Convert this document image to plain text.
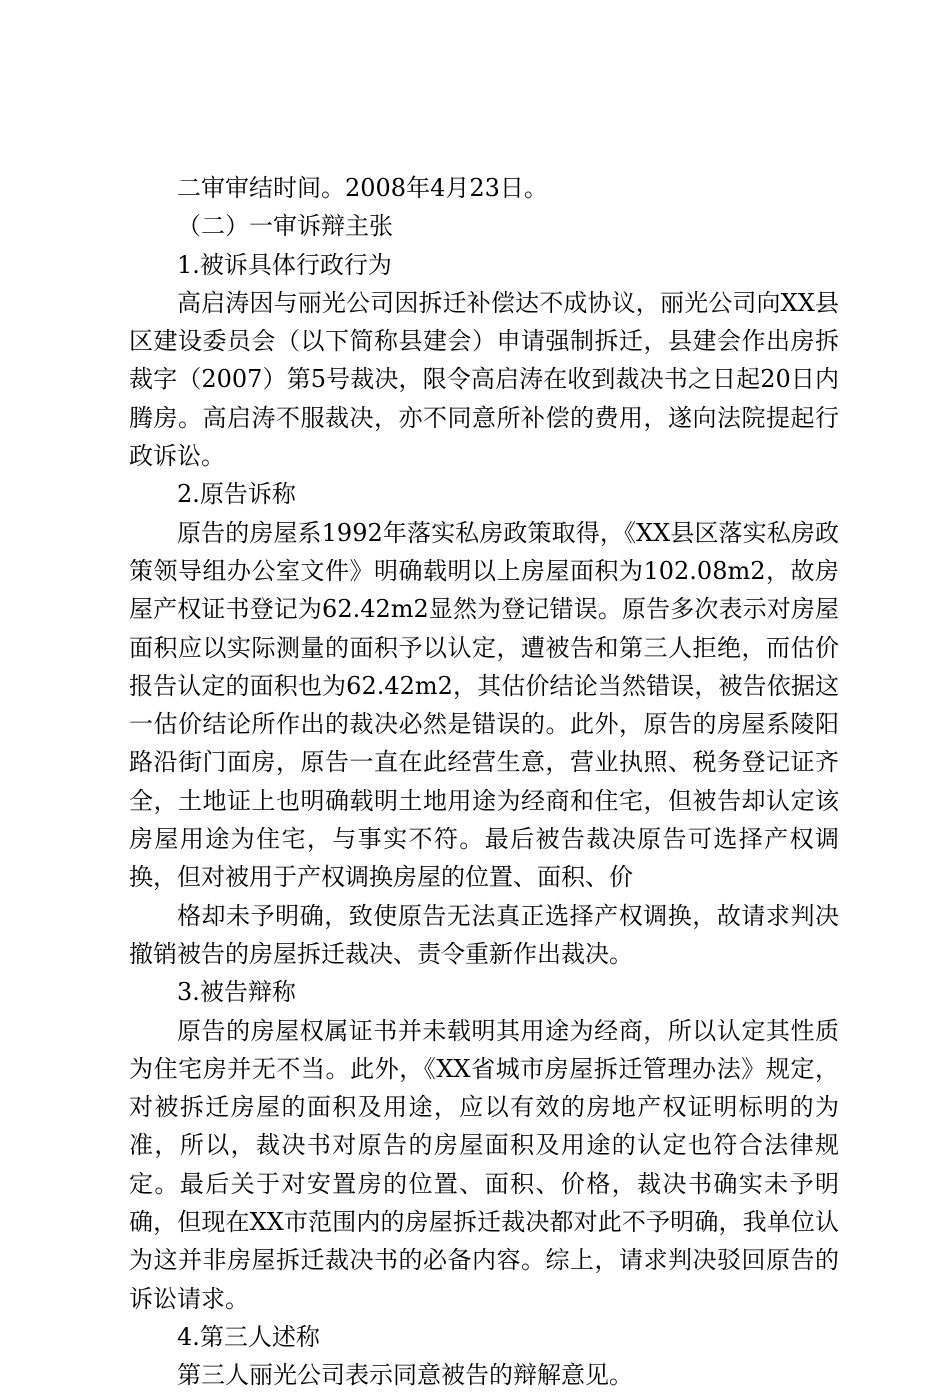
二审审结时间。2008年4月23日。

（二）一审诉辩主张

1.被诉具体行政行为

高启涛因与丽光公司因拆迁补偿达不成协议，丽光公司向XX县区建设委员会（以下简称县建会）申请强制拆迁，县建会作出房拆裁字（2007）第5号裁决，限令高启涛在收到裁决书之日起20日内腾房。高启涛不服裁决，亦不同意所补偿的费用，遂向法院提起行政诉讼。

2.原告诉称

原告的房屋系1992年落实私房政策取得，《XX县区落实私房政策领导组办公室文件》明确载明以上房屋面积为102.08m2，故房屋产权证书登记为62.42m2显然为登记错误。原告多次表示对房屋面积应以实际测量的面积予以认定，遭被告和第三人拒绝，而估价报告认定的面积也为62.42m2，其估价结论当然错误，被告依据这一估价结论所作出的裁决必然是错误的。此外，原告的房屋系陵阳路沿街门面房，原告一直在此经营生意，营业执照、税务登记证齐全，土地证上也明确载明土地用途为经商和住宅，但被告却认定该房屋用途为住宅，与事实不符。最后被告裁决原告可选择产权调换，但对被用于产权调换房屋的位置、面积、价

格却未予明确，致使原告无法真正选择产权调换，故请求判决撤销被告的房屋拆迁裁决、责令重新作出裁决。

3.被告辩称

原告的房屋权属证书并未载明其用途为经商，所以认定其性质为住宅房并无不当。此外，《XX省城市房屋拆迁管理办法》规定，对被拆迁房屋的面积及用途，应以有效的房地产权证明标明的为准，所以，裁决书对原告的房屋面积及用途的认定也符合法律规定。最后关于对安置房的位置、面积、价格，裁决书确实未予明确，但现在XX市范围内的房屋拆迁裁决都对此不予明确，我单位认为这并非房屋拆迁裁决书的必备内容。综上，请求判决驳回原告的诉讼请求。

4.第三人述称

第三人丽光公司表示同意被告的辩解意见。
